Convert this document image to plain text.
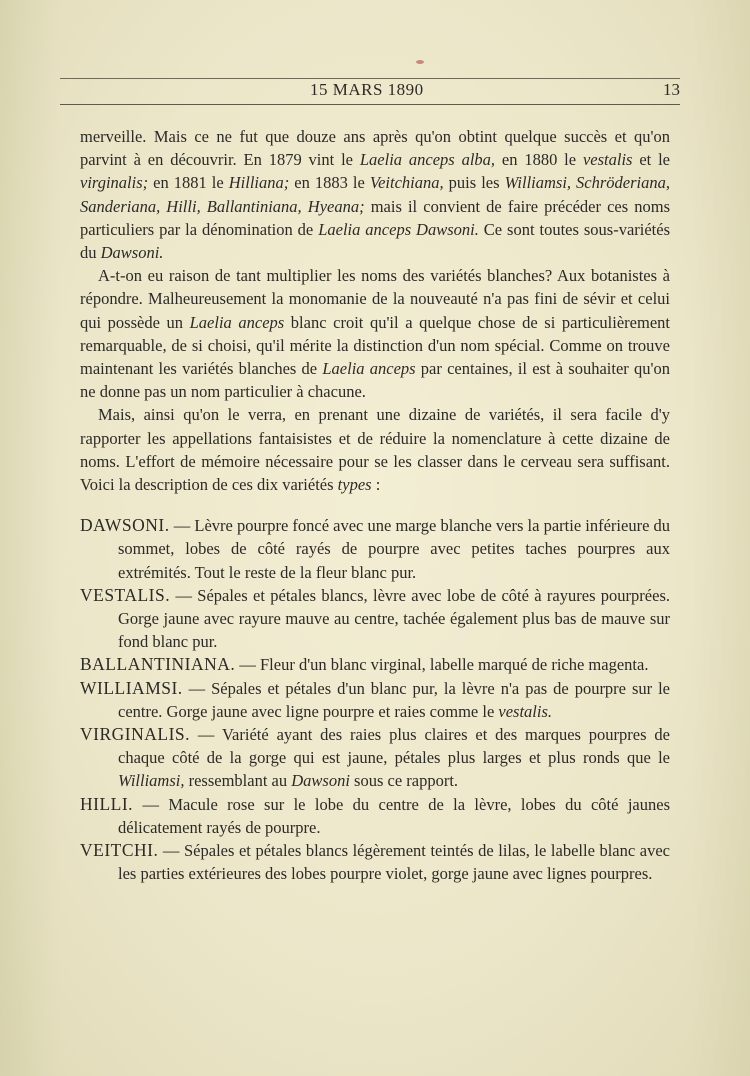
15 MARS 1890	13

merveille. Mais ce ne fut que douze ans après qu'on obtint quelque succès et qu'on parvint à en découvrir. En 1879 vint le Laelia anceps alba, en 1880 le vestalis et le virginalis; en 1881 le Hilliana; en 1883 le Veitchiana, puis les Williamsi, Schröderiana, Sanderiana, Hilli, Ballantiniana, Hyeana; mais il convient de faire précéder ces noms particuliers par la dénomination de Laelia anceps Dawsoni. Ce sont toutes sous-variétés du Dawsoni.

A-t-on eu raison de tant multiplier les noms des variétés blanches? Aux botanistes à répondre. Malheureusement la monomanie de la nouveauté n'a pas fini de sévir et celui qui possède un Laelia anceps blanc croit qu'il a quelque chose de si particulièrement remarquable, de si choisi, qu'il mérite la distinction d'un nom spécial. Comme on trouve maintenant les variétés blanches de Laelia anceps par centaines, il est à souhaiter qu'on ne donne pas un nom particulier à chacune.

Mais, ainsi qu'on le verra, en prenant une dizaine de variétés, il sera facile d'y rapporter les appellations fantaisistes et de réduire la nomenclature à cette dizaine de noms. L'effort de mémoire nécessaire pour se les classer dans le cerveau sera suffisant. Voici la description de ces dix variétés types :

DAWSONI. — Lèvre pourpre foncé avec une marge blanche vers la partie inférieure du sommet, lobes de côté rayés de pourpre avec petites taches pourpres aux extrémités. Tout le reste de la fleur blanc pur.

VESTALIS. — Sépales et pétales blancs, lèvre avec lobe de côté à rayures pourprées. Gorge jaune avec rayure mauve au centre, tachée également plus bas de mauve sur fond blanc pur.

BALLANTINIANA. — Fleur d'un blanc virginal, labelle marqué de riche magenta.

WILLIAMSI. — Sépales et pétales d'un blanc pur, la lèvre n'a pas de pourpre sur le centre. Gorge jaune avec ligne pourpre et raies comme le vestalis.

VIRGINALIS. — Variété ayant des raies plus claires et des marques pourpres de chaque côté de la gorge qui est jaune, pétales plus larges et plus ronds que le Williamsi, ressemblant au Dawsoni sous ce rapport.

HILLI. — Macule rose sur le lobe du centre de la lèvre, lobes du côté jaunes délicatement rayés de pourpre.

VEITCHI. — Sépales et pétales blancs légèrement teintés de lilas, le labelle blanc avec les parties extérieures des lobes pourpre violet, gorge jaune avec lignes pourpres.
